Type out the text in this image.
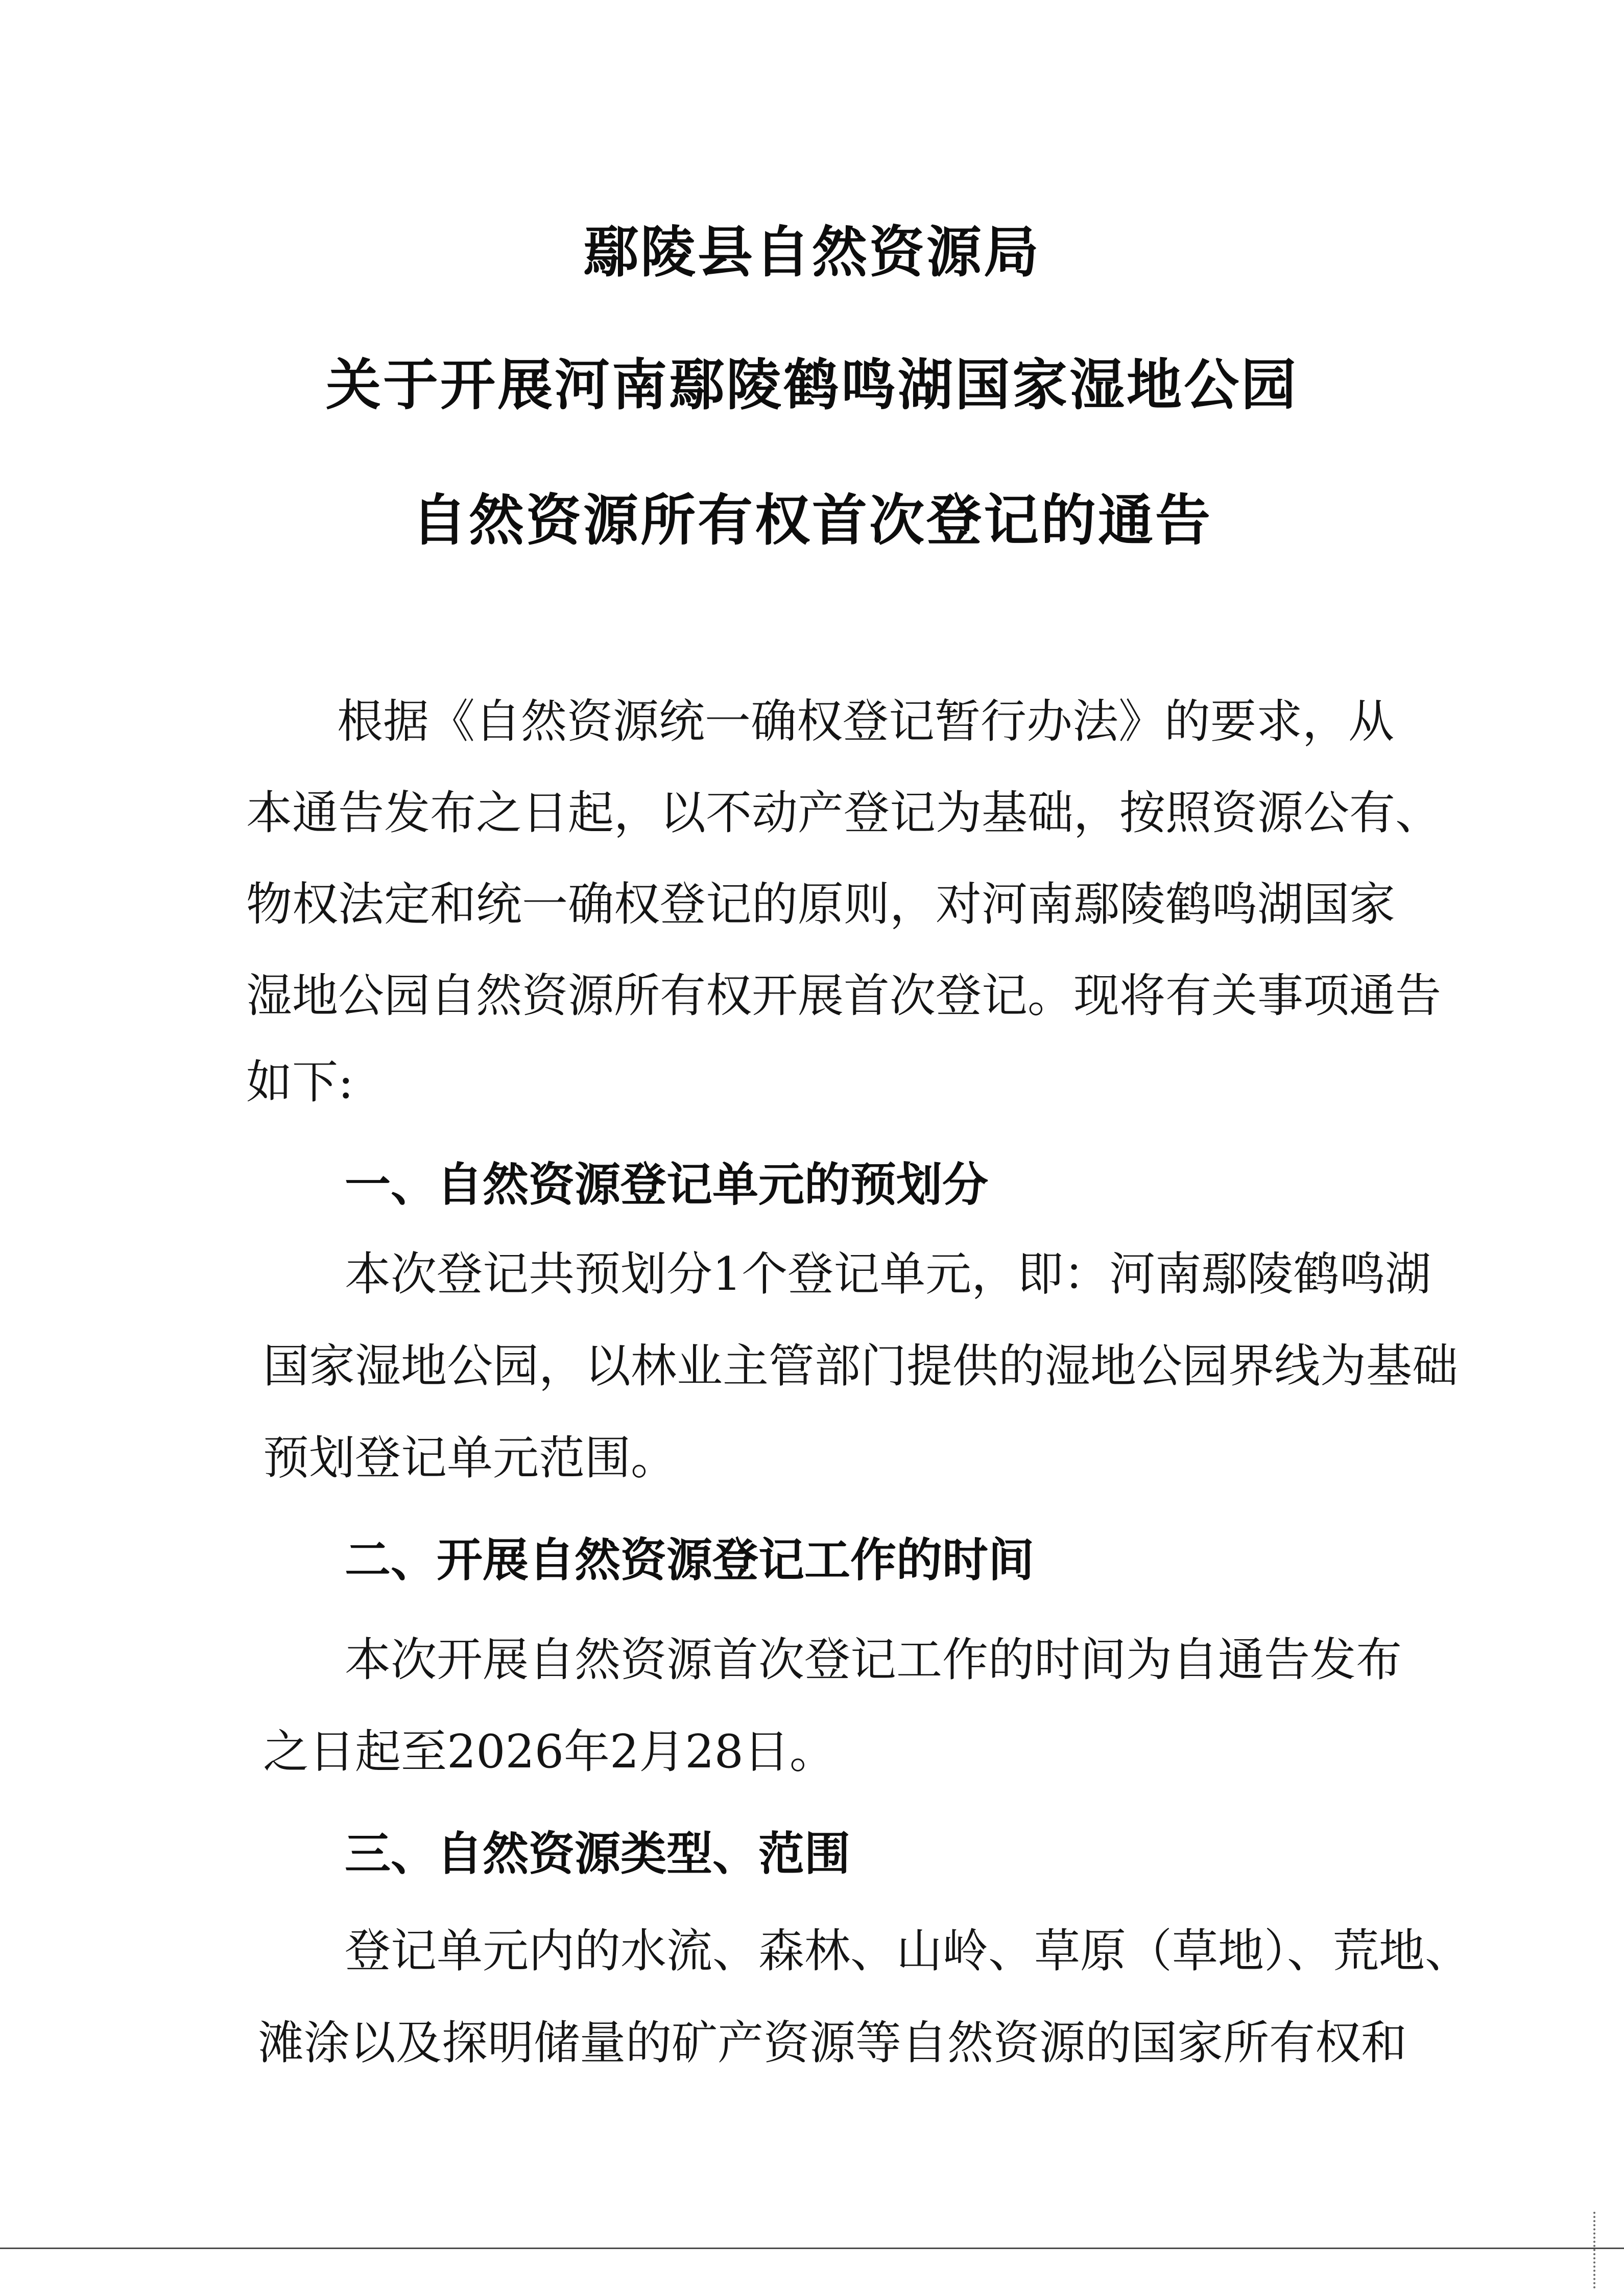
鄢陵县自然资源局
关于开展河南鄢陵鹤鸣湖国家湿地公园
自然资源所有权首次登记的通告
根据《自然资源统一确权登记暂行办法》的要求，从
本通告发布之日起，以不动产登记为基础，按照资源公有、
物权法定和统一确权登记的原则，对河南鄢陵鹤鸣湖国家
湿地公园自然资源所有权开展首次登记。现将有关事项通告
如下:
一、自然资源登记单元的预划分
本次登记共预划分1个登记单元，即：河南鄢陵鹤鸣湖
国家湿地公园，以林业主管部门提供的湿地公园界线为基础
预划登记单元范围。
二、开展自然资源登记工作的时间
本次开展自然资源首次登记工作的时间为自通告发布
之日起至2026年2月28日。
三、自然资源类型、范围
登记单元内的水流、森林、山岭、草原（草地）、荒地、
滩涂以及探明储量的矿产资源等自然资源的国家所有权和
